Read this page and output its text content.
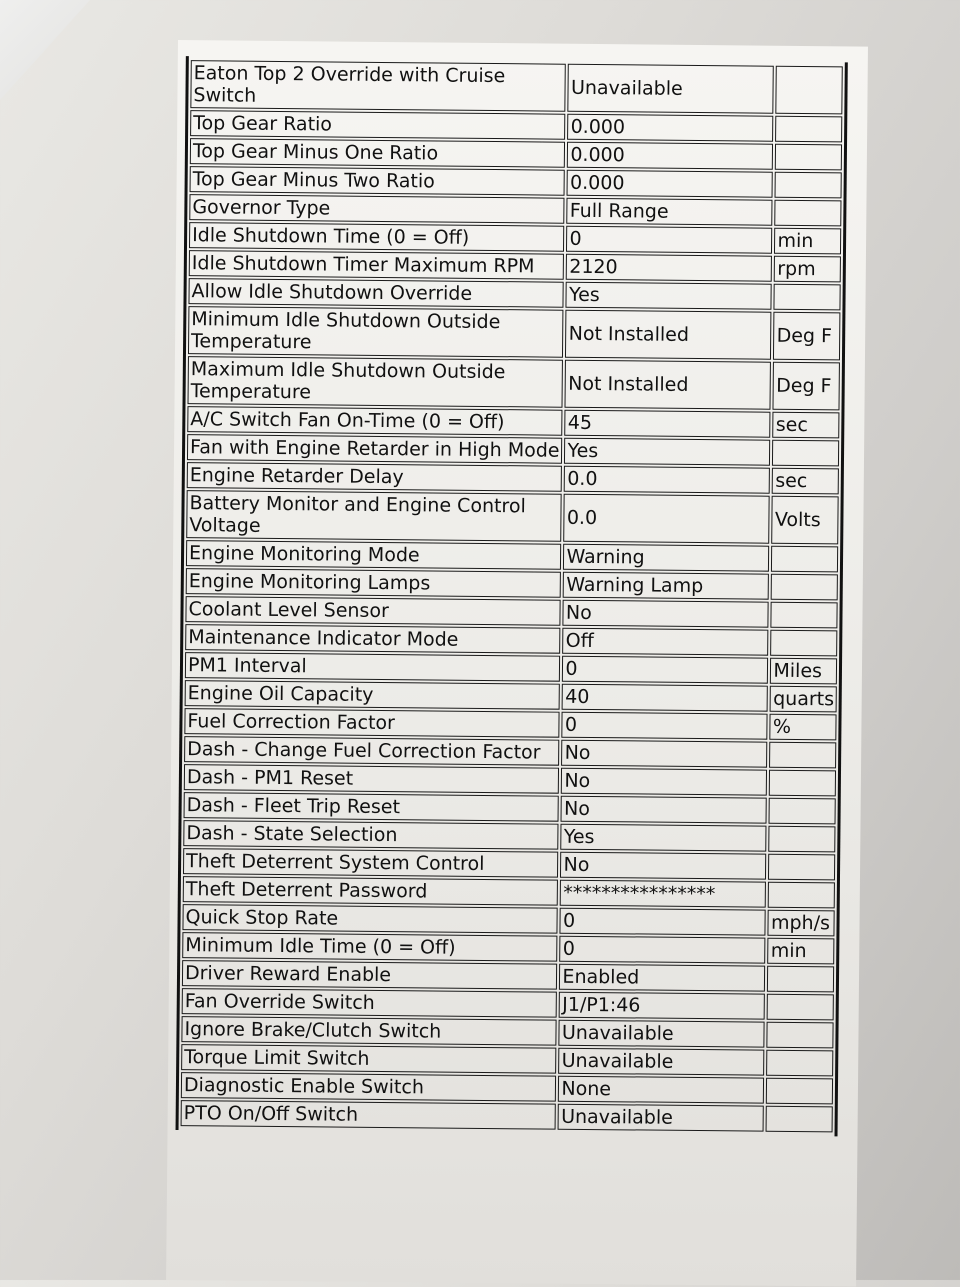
Eaton Top 2 Override with Cruise Switch	Unavailable	
Top Gear Ratio	0.000	
Top Gear Minus One Ratio	0.000	
Top Gear Minus Two Ratio	0.000	
Governor Type	Full Range	
Idle Shutdown Time (0 = Off)	0	min
Idle Shutdown Timer Maximum RPM	2120	rpm
Allow Idle Shutdown Override	Yes	
Minimum Idle Shutdown Outside Temperature	Not Installed	Deg F
Maximum Idle Shutdown Outside Temperature	Not Installed	Deg F
A/C Switch Fan On-Time (0 = Off)	45	sec
Fan with Engine Retarder in High Mode	Yes	
Engine Retarder Delay	0.0	sec
Battery Monitor and Engine Control Voltage	0.0	Volts
Engine Monitoring Mode	Warning	
Engine Monitoring Lamps	Warning Lamp	
Coolant Level Sensor	No	
Maintenance Indicator Mode	Off	
PM1 Interval	0	Miles
Engine Oil Capacity	40	quarts
Fuel Correction Factor	0	%
Dash - Change Fuel Correction Factor	No	
Dash - PM1 Reset	No	
Dash - Fleet Trip Reset	No	
Dash - State Selection	Yes	
Theft Deterrent System Control	No	
Theft Deterrent Password	****************	
Quick Stop Rate	0	mph/s
Minimum Idle Time (0 = Off)	0	min
Driver Reward Enable	Enabled	
Fan Override Switch	J1/P1:46	
Ignore Brake/Clutch Switch	Unavailable	
Torque Limit Switch	Unavailable	
Diagnostic Enable Switch	None	
PTO On/Off Switch	Unavailable	
